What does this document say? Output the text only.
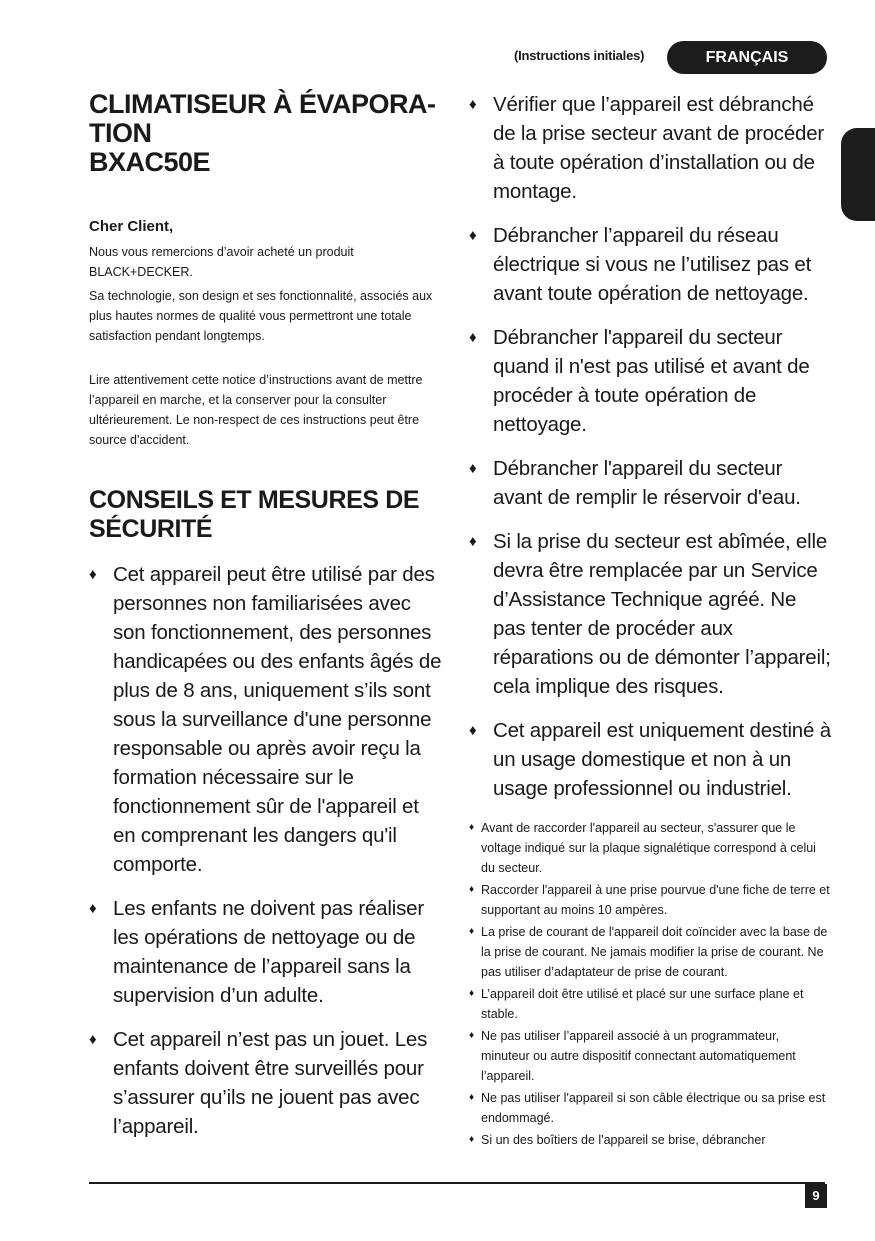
(Instructions initiales)	FRANÇAIS
CLIMATISEUR À ÉVAPORA-
TION
BXAC50E

Cher Client,

Nous vous remercions d’avoir acheté un produit BLACK+DECKER.

Sa technologie, son design et ses fonctionnalité, associés aux plus hautes normes de qualité vous permettront une totale satisfaction pendant longtemps.

Lire attentivement cette notice d’instructions avant de mettre l’appareil en marche, et la conserver pour la consulter ultérieurement. Le non-respect de ces instructions peut être source d'accident.

CONSEILS ET MESURES DE
SÉCURITÉ
♦ Cet appareil peut être utilisé par des personnes non familiarisées avec son fonctionnement, des personnes handicapées ou des enfants âgés de plus de 8 ans, uniquement s’ils sont sous la surveillance d'une personne responsable ou après avoir reçu la formation nécessaire sur le fonctionnement sûr de l'appareil et en comprenant les dangers qu'il comporte.
♦ Les enfants ne doivent pas réaliser les opérations de nettoyage ou de maintenance de l’appareil sans la supervision d’un adulte.
♦ Cet appareil n’est pas un jouet. Les enfants doivent être surveillés pour s’assurer qu’ils ne jouent pas avec l’appareil.
♦ Vérifier que l’appareil est débranché de la prise secteur avant de procéder à toute opération d’installation ou de montage.
♦ Débrancher l’appareil du réseau électrique si vous ne l’utilisez pas et avant toute opération de nettoyage.
♦ Débrancher l'appareil du secteur quand il n'est pas utilisé et avant de procéder à toute opération de nettoyage.
♦ Débrancher l'appareil du secteur avant de remplir le réservoir d'eau.
♦ Si la prise du secteur est abîmée, elle devra être remplacée par un Service d’Assistance Technique agréé. Ne pas tenter de procéder aux réparations ou de démonter l’appareil; cela implique des risques.
♦ Cet appareil est uniquement destiné à un usage domestique et non à un usage professionnel ou industriel.
♦ Avant de raccorder l'appareil au secteur, s'assurer que le voltage indiqué sur la plaque signalétique correspond à celui du secteur.
♦ Raccorder l'appareil à une prise pourvue d'une fiche de terre et supportant au moins 10 ampères.
♦ La prise de courant de l'appareil doit coïncider avec la base de la prise de courant. Ne jamais modifier la prise de courant. Ne pas utiliser d’adaptateur de prise de courant.
♦ L’appareil doit être utilisé et placé sur une surface plane et stable.
♦ Ne pas utiliser l’appareil associé à un programmateur, minuteur ou autre dispositif connectant automatiquement l’appareil.
♦ Ne pas utiliser l'appareil si son câble électrique ou sa prise est endommagé.
♦ Si un des boîtiers de l'appareil se brise, débrancher
9
